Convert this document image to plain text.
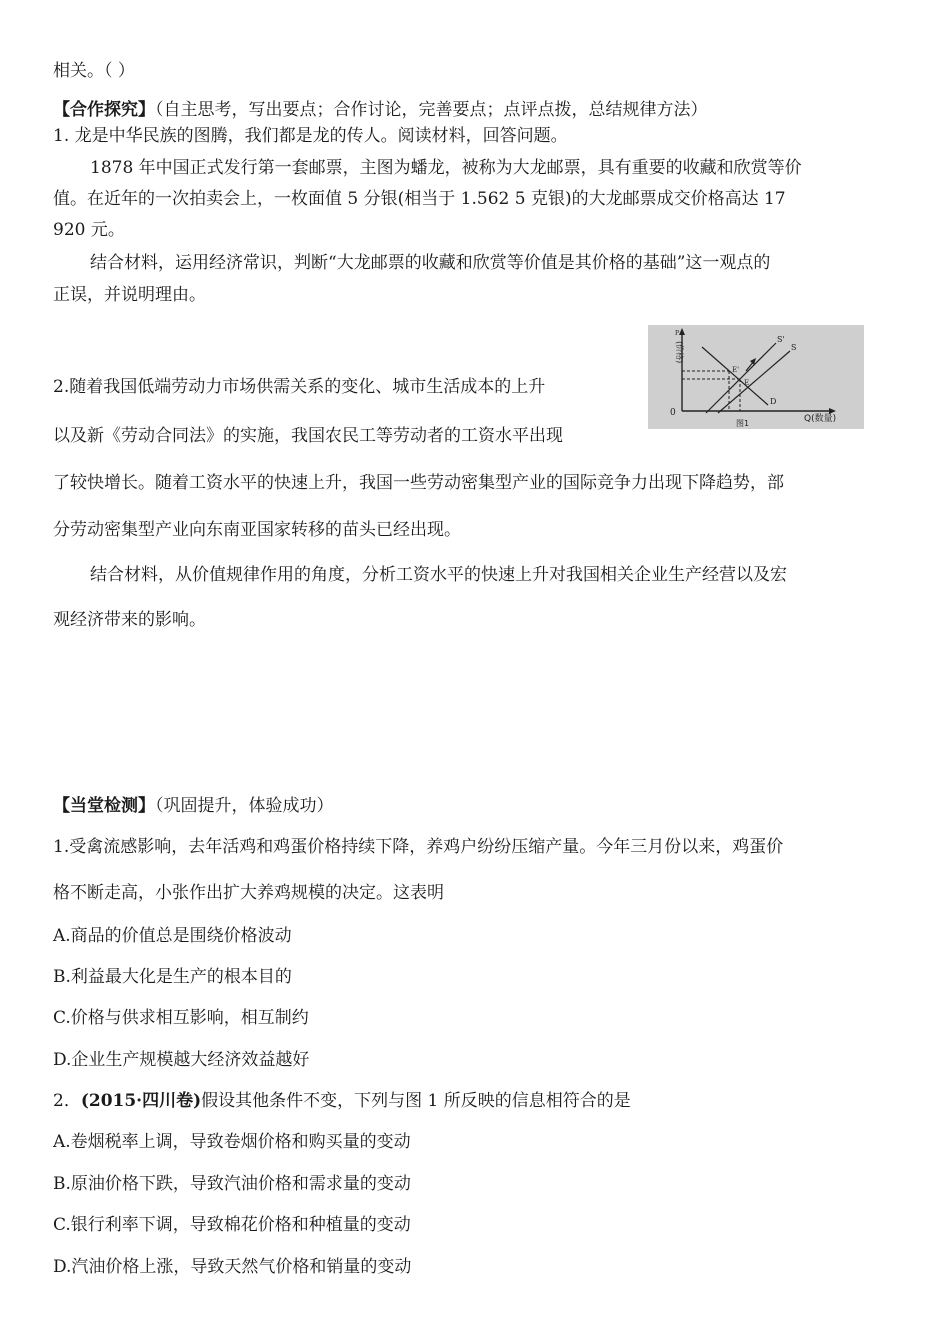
相关。（ ）
【合作探究】（自主思考，写出要点；合作讨论，完善要点；点评点拨，总结规律方法）
1. 龙是中华民族的图腾，我们都是龙的传人。阅读材料，回答问题。
1878 年中国正式发行第一套邮票，主图为蟠龙，被称为大龙邮票，具有重要的收藏和欣赏等价
值。在近年的一次拍卖会上，一枚面值 5 分银(相当于 1.562 5 克银)的大龙邮票成交价格高达 17
920 元。
结合材料，运用经济常识，判断“大龙邮票的收藏和欣赏等价值是其价格的基础”这一观点的
正误，并说明理由。
2.随着我国低端劳动力市场供需关系的变化、城市生活成本的上升
以及新《劳动合同法》的实施，我国农民工等劳动者的工资水平出现
了较快增长。随着工资水平的快速上升，我国一些劳动密集型产业的国际竞争力出现下降趋势，部
分劳动密集型产业向东南亚国家转移的苗头已经出现。
结合材料，从价值规律作用的角度，分析工资水平的快速上升对我国相关企业生产经营以及宏
观经济带来的影响。
P
(价格)
0
Q(数量)
S'
S
E'
E
D
图1
【当堂检测】（巩固提升，体验成功）
1.受禽流感影响，去年活鸡和鸡蛋价格持续下降，养鸡户纷纷压缩产量。今年三月份以来，鸡蛋价
格不断走高，小张作出扩大养鸡规模的决定。这表明
A.商品的价值总是围绕价格波动
B.利益最大化是生产的根本目的
C.价格与供求相互影响，相互制约
D.企业生产规模越大经济效益越好
2．(2015·四川卷)假设其他条件不变，下列与图 1 所反映的信息相符合的是
A.卷烟税率上调，导致卷烟价格和购买量的变动
B.原油价格下跌，导致汽油价格和需求量的变动
C.银行利率下调，导致棉花价格和种植量的变动
D.汽油价格上涨，导致天然气价格和销量的变动
